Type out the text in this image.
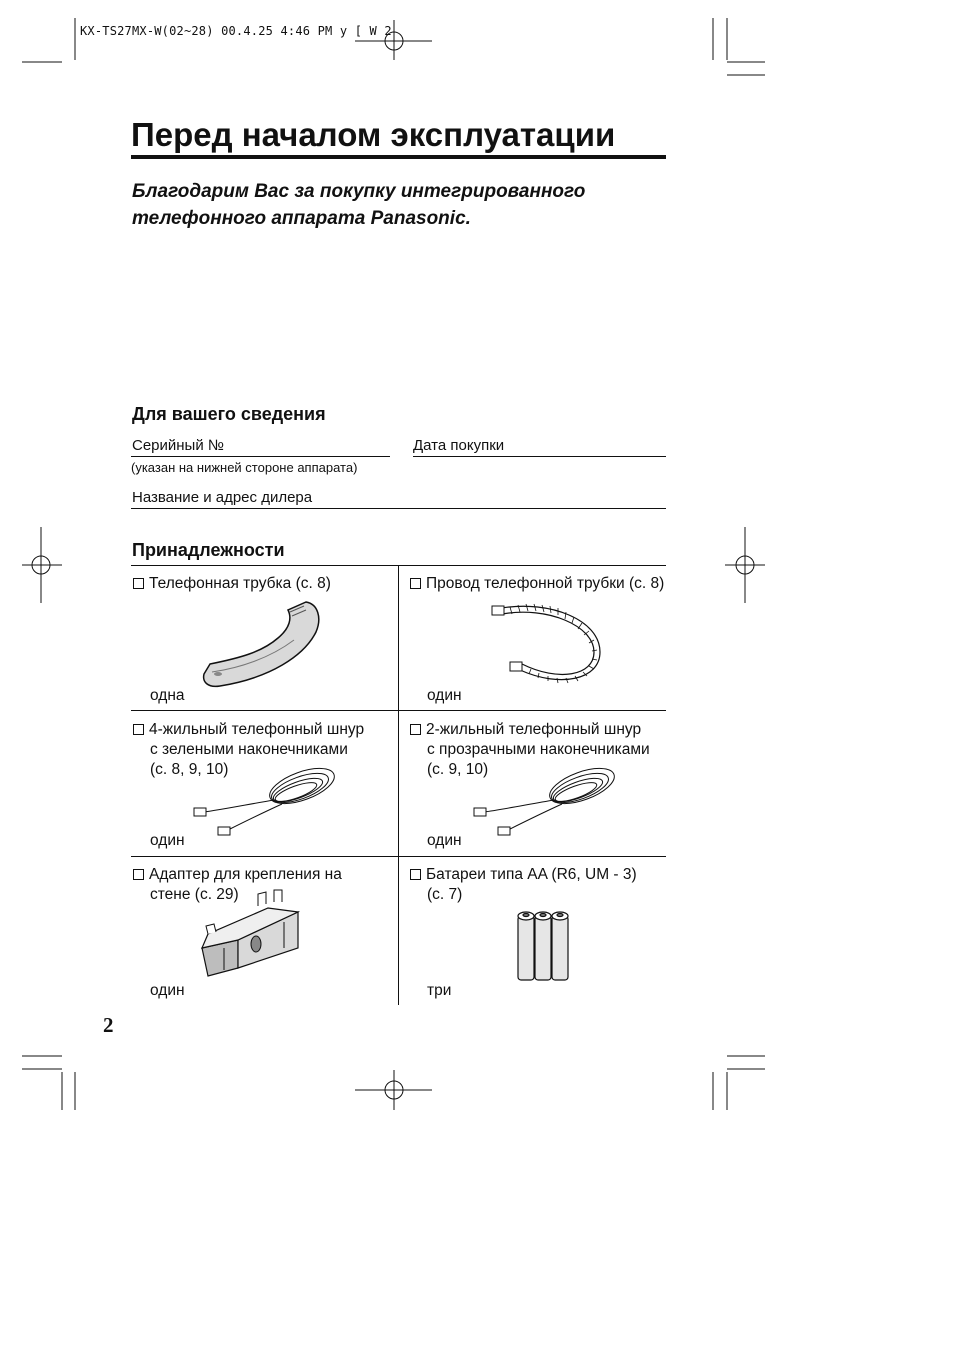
KX-TS27MX-W(02~28) 00.4.25 4:46 PM y [ W 2
Перед началом эксплуатации
Благодарим Вас за покупку интегрированного
телефонного аппарата Panasonic.
Для вашего сведения
Серийный №
(указан на нижней стороне аппарата)
Дата покупки
Название и адрес дилера
Принадлежности
Телефонная трубка (с. 8)
одна
Провод телефонной трубки (с. 8)
один
4-жильный телефонный шнур
с зелеными наконечниками
(с. 8, 9, 10)
один
2-жильный телефонный шнур
с прозрачными наконечниками
(с. 9, 10)
один
Адаптер для крепления на
стене (с. 29)
один
Батареи типа AA (R6, UM - 3)
(с. 7)
три
2
